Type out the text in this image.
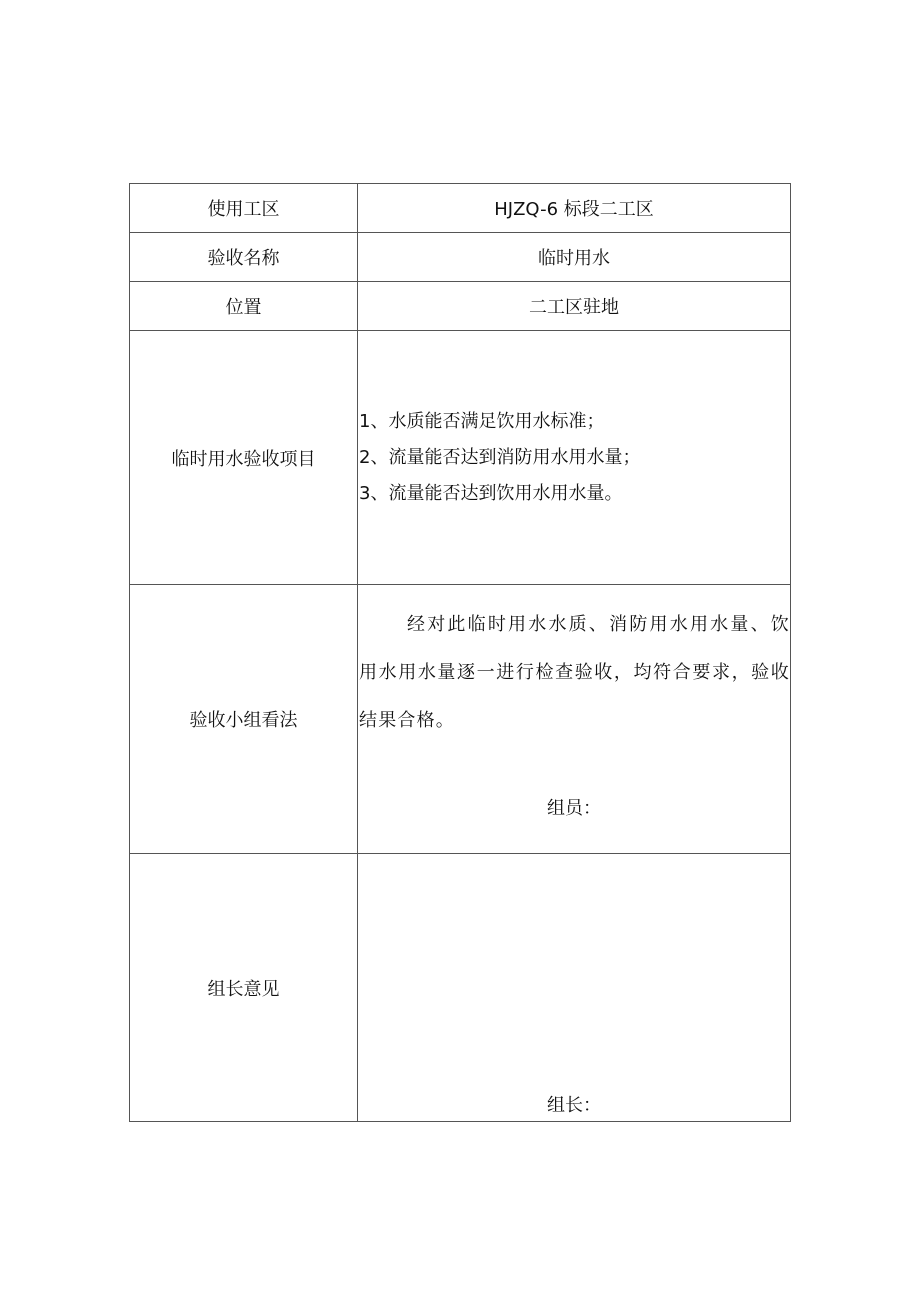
使用工区	HJZQ-6 标段二工区
验收名称	临时用水
位置	二工区驻地
临时用水验收项目	1、水质能否满足饮用水标准；
2、流量能否达到消防用水用水量；
3、流量能否达到饮用水用水量。

验收小组看法	经对此临时用水水质、消防用水用水量、饮用水用水量逐一进行检查验收，均符合要求，验收结果合格。
组员：

组长意见	组长：
